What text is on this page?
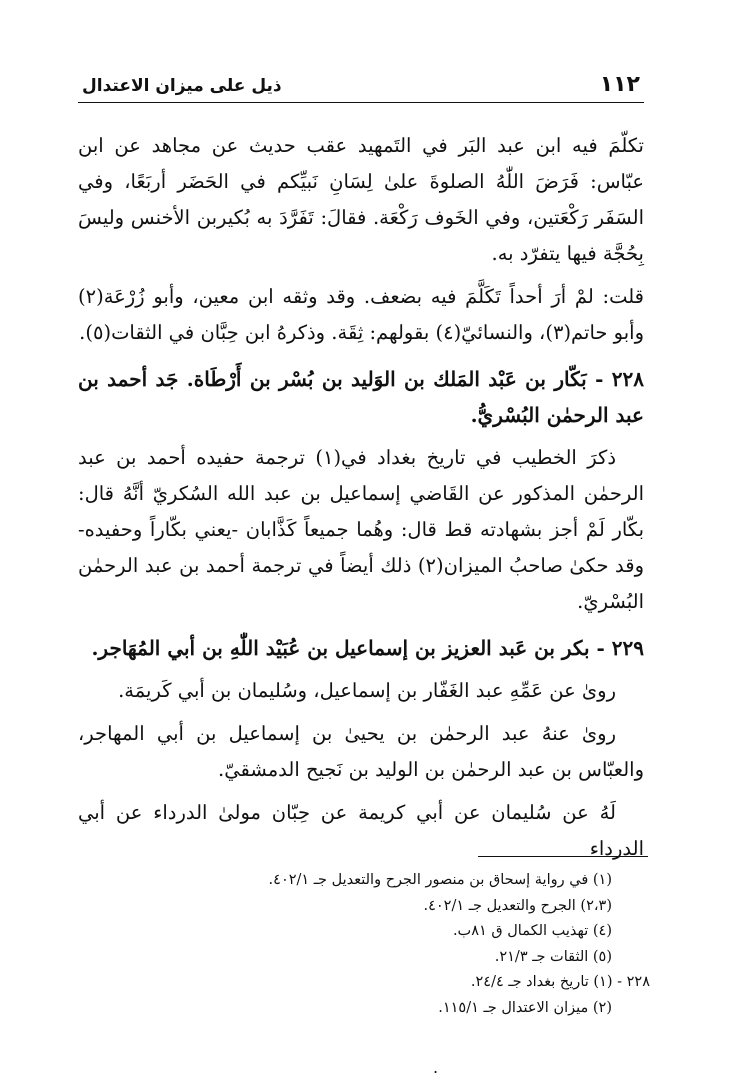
١١٢
ذيل على ميزان الاعتدال

تكلّمَ فيه ابن عبد البَر في التَمهيد عقب حديث عن مجاهد عن ابن عبّاس: فَرَضَ اللّٰهُ الصلوةَ علىٰ لِسَانِ نَبيِّكم في الحَضَر أربَعًا، وفي السَفَر رَكْعَتين، وفي الخَوف رَكْعَة. فقالَ: تَفَرَّدَ به بُكيربن الأخنس وليسَ بِحُجَّة فيها يتفرّد به.

قلت: لمْ أرَ أحداً تَكَلَّمَ فيه بضعف. وقد وثقه ابن معين، وأبو زُرْعَة(٢) وأبو حاتم(٣)، والنسائيّ(٤) بقولهم: ثِقَة. وذكرهُ ابن حِبَّان في الثقات(٥).

٢٢٨ - بَكّار بن عَبْد المَلك بن الوَليد بن بُسْر بن أَرْطَاة. جَد أحمد بن عبد الرحمٰن البُسْريُّ.

ذكرَ الخطيب في تاريخ بغداد في(١) ترجمة حفيده أحمد بن عبد الرحمٰن المذكور عن القَاضي إسماعيل بن عبد الله السُكريّ أنَّهُ قال: بكّار لَمْ أجز بشهادته قط قال: وهُما جميعاً كَذَّابان -يعني بكّاراً وحفيده- وقد حكىٰ صاحبُ الميزان(٢) ذلك أيضاً في ترجمة أحمد بن عبد الرحمٰن البُسْريّ.

٢٢٩ - بكر بن عَبد العزيز بن إسماعيل بن عُبَيْد اللّٰهِ بن أبي المُهَاجر.

روىٰ عن عَمِّهِ عبد الغَفّار بن إسماعيل، وسُليمان بن أبي كَريمَة.

روىٰ عنهُ عبد الرحمٰن بن يحيىٰ بن إسماعيل بن أبي المهاجر، والعبّاس بن عبد الرحمٰن بن الوليد بن نَجيح الدمشقيّ.

لَهُ عن سُليمان عن أبي كريمة عن حِبّان مولىٰ الدرداء عن أبي الدرداء

(١) في رواية إسحاق بن منصور الجرح والتعديل جـ ٤٠٢/١.

(٢،٣) الجرح والتعديل جـ ٤٠٢/١.

(٤) تهذيب الكمال ق ٨١ب.

(٥) الثقات جـ ٢١/٣.

٢٢٨ - (١) تاريخ بغداد جـ ٢٤/٤.

(٢) ميزان الاعتدال جـ ١١٥/١.

.
